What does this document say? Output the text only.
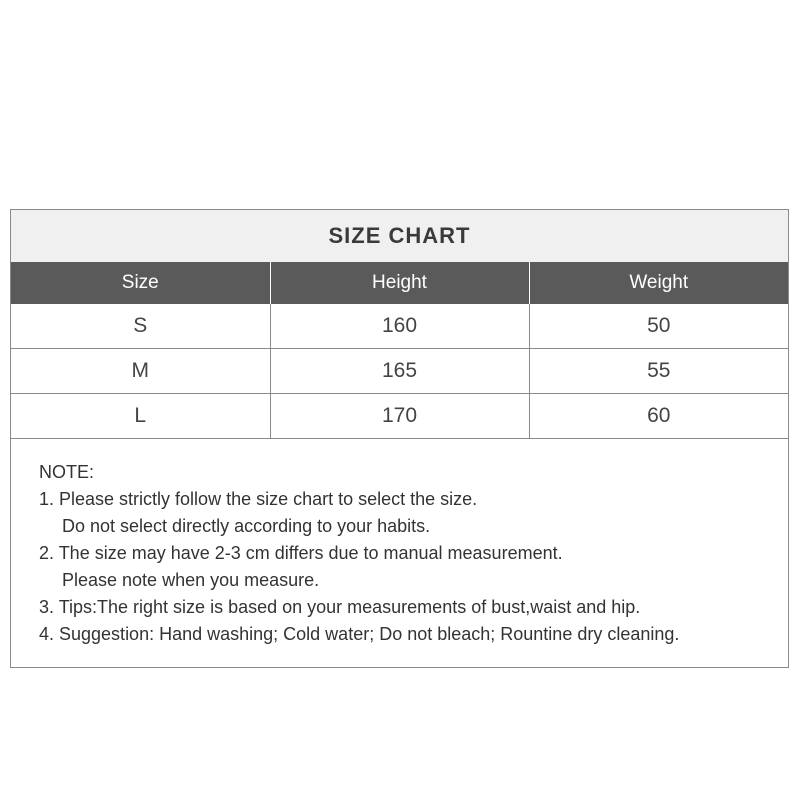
SIZE CHART
Size	Height	Weight
S	160	50
M	165	55
L	170	60
NOTE:
1. Please strictly follow the size chart to select the size.
Do not select directly according to your habits.
2. The size may have 2-3 cm differs due to manual measurement.
Please note when you measure.
3. Tips:The right size is based on your measurements of bust,waist and hip.
4. Suggestion: Hand washing; Cold water; Do not bleach; Rountine dry cleaning.
